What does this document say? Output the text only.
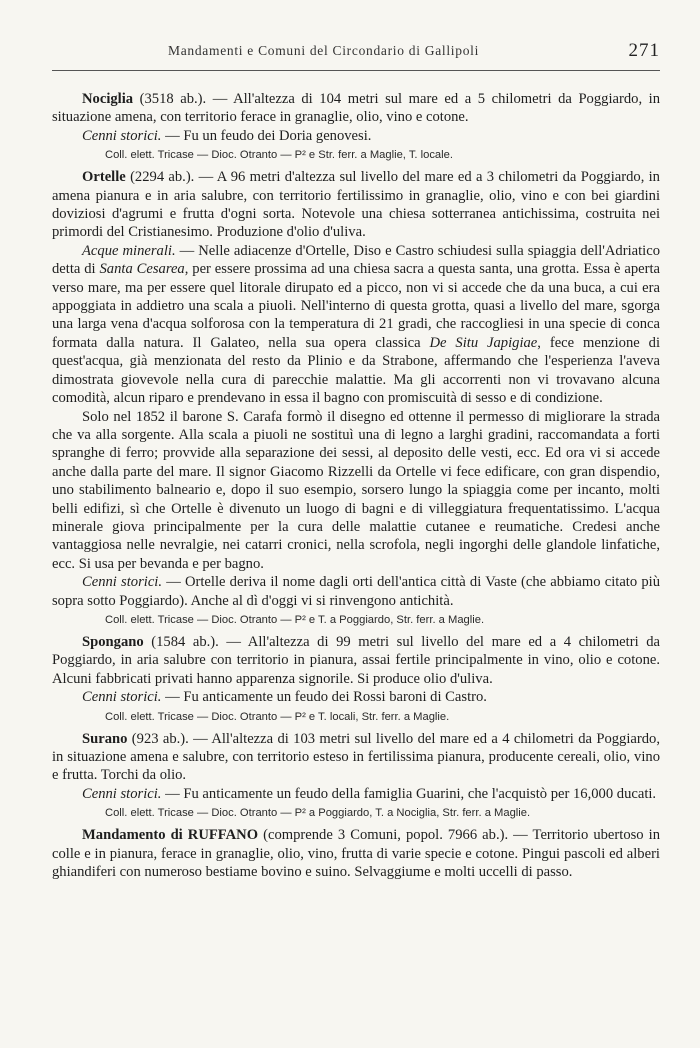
Mandamenti e Comuni del Circondario di Gallipoli	271

Nociglia (3518 ab.). — All'altezza di 104 metri sul mare ed a 5 chilometri da Poggiardo, in situazione amena, con territorio ferace in granaglie, olio, vino e cotone.

Cenni storici. — Fu un feudo dei Doria genovesi.

Coll. elett. Tricase — Dioc. Otranto — P² e Str. ferr. a Maglie, T. locale.

Ortelle (2294 ab.). — A 96 metri d'altezza sul livello del mare ed a 3 chilometri da Poggiardo, in amena pianura e in aria salubre, con territorio fertilissimo in granaglie, olio, vino e con bei giardini doviziosi d'agrumi e frutta d'ogni sorta. Notevole una chiesa sotterranea antichissima, costruita nei primordi del Cristianesimo. Produzione d'olio d'uliva.

Acque minerali. — Nelle adiacenze d'Ortelle, Diso e Castro schiudesi sulla spiaggia dell'Adriatico detta di Santa Cesarea, per essere prossima ad una chiesa sacra a questa santa, una grotta. Essa è aperta verso mare, ma per essere quel litorale dirupato ed a picco, non vi si accede che da una buca, a cui era appoggiata in addietro una scala a piuoli. Nell'interno di questa grotta, quasi a livello del mare, sgorga una larga vena d'acqua solforosa con la temperatura di 21 gradi, che raccogliesi in una specie di conca formata dalla natura. Il Galateo, nella sua opera classica De Situ Japigiae, fece menzione di quest'acqua, già menzionata del resto da Plinio e da Strabone, affermando che l'esperienza l'aveva dimostrata giovevole nella cura di parecchie malattie. Ma gli accorrenti non vi trovavano alcuna comodità, alcun riparo e prendevano in essa il bagno con promiscuità di sesso e di condizione.

Solo nel 1852 il barone S. Carafa formò il disegno ed ottenne il permesso di migliorare la strada che va alla sorgente. Alla scala a piuoli ne sostituì una di legno a larghi gradini, raccomandata a forti spranghe di ferro; provvide alla separazione dei sessi, al deposito delle vesti, ecc. Ed ora vi si accede anche dalla parte del mare. Il signor Giacomo Rizzelli da Ortelle vi fece edificare, con gran dispendio, uno stabilimento balneario e, dopo il suo esempio, sorsero lungo la spiaggia come per incanto, molti belli edifizi, sì che Ortelle è divenuto un luogo di bagni e di villeggiatura frequentatissimo. L'acqua minerale giova principalmente per la cura delle malattie cutanee e reumatiche. Credesi anche vantaggiosa nelle nevralgie, nei catarri cronici, nella scrofola, negli ingorghi delle glandole linfatiche, ecc. Si usa per bevanda e per bagno.

Cenni storici. — Ortelle deriva il nome dagli orti dell'antica città di Vaste (che abbiamo citato più sopra sotto Poggiardo). Anche al dì d'oggi vi si rinvengono antichità.

Coll. elett. Tricase — Dioc. Otranto — P² e T. a Poggiardo, Str. ferr. a Maglie.

Spongano (1584 ab.). — All'altezza di 99 metri sul livello del mare ed a 4 chilometri da Poggiardo, in aria salubre con territorio in pianura, assai fertile principalmente in vino, olio e cotone. Alcuni fabbricati privati hanno apparenza signorile. Si produce olio d'uliva.

Cenni storici. — Fu anticamente un feudo dei Rossi baroni di Castro.

Coll. elett. Tricase — Dioc. Otranto — P² e T. locali, Str. ferr. a Maglie.

Surano (923 ab.). — All'altezza di 103 metri sul livello del mare ed a 4 chilometri da Poggiardo, in situazione amena e salubre, con territorio esteso in fertilissima pianura, producente cereali, olio, vino e frutta. Torchi da olio.

Cenni storici. — Fu anticamente un feudo della famiglia Guarini, che l'acquistò per 16,000 ducati.

Coll. elett. Tricase — Dioc. Otranto — P² a Poggiardo, T. a Nociglia, Str. ferr. a Maglie.

Mandamento di RUFFANO (comprende 3 Comuni, popol. 7966 ab.). — Territorio ubertoso in colle e in pianura, ferace in granaglie, olio, vino, frutta di varie specie e cotone. Pingui pascoli ed alberi ghiandiferi con numeroso bestiame bovino e suino. Selvaggiume e molti uccelli di passo.
